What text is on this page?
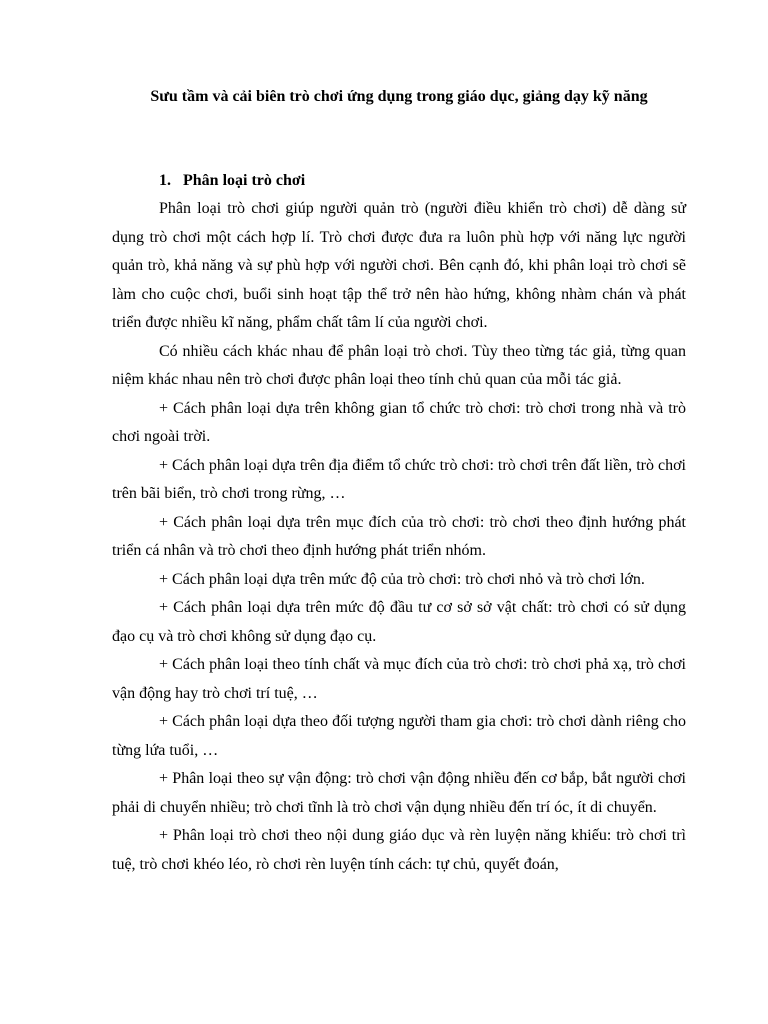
Sưu tầm và cải biên trò chơi ứng dụng trong giáo dục, giảng dạy kỹ năng
1. Phân loại trò chơi

Phân loại trò chơi giúp người quản trò (người điều khiển trò chơi) dễ dàng sử dụng trò chơi một cách hợp lí. Trò chơi được đưa ra luôn phù hợp với năng lực người quản trò, khả năng và sự phù hợp với người chơi. Bên cạnh đó, khi phân loại trò chơi sẽ làm cho cuộc chơi, buổi sinh hoạt tập thể trở nên hào hứng, không nhàm chán và phát triển được nhiều kĩ năng, phẩm chất tâm lí của người chơi.

Có nhiều cách khác nhau để phân loại trò chơi. Tùy theo từng tác giả, từng quan niệm khác nhau nên trò chơi được phân loại theo tính chủ quan của mỗi tác giả.

+ Cách phân loại dựa trên không gian tổ chức trò chơi: trò chơi trong nhà và trò chơi ngoài trời.

+ Cách phân loại dựa trên địa điểm tổ chức trò chơi: trò chơi trên đất liền, trò chơi trên bãi biển, trò chơi trong rừng, …

+ Cách phân loại dựa trên mục đích của trò chơi: trò chơi theo định hướng phát triển cá nhân và trò chơi theo định hướng phát triển nhóm.

+ Cách phân loại dựa trên mức độ của trò chơi: trò chơi nhỏ và trò chơi lớn.

+ Cách phân loại dựa trên mức độ đầu tư cơ sở sở vật chất: trò chơi có sử dụng đạo cụ và trò chơi không sử dụng đạo cụ.

+ Cách phân loại theo tính chất và mục đích của trò chơi: trò chơi phả xạ, trò chơi vận động hay trò chơi trí tuệ, …

+ Cách phân loại dựa theo đối tượng người tham gia chơi: trò chơi dành riêng cho từng lứa tuổi, …

+ Phân loại theo sự vận động: trò chơi vận động nhiều đến cơ bắp, bắt người chơi phải di chuyển nhiều; trò chơi tĩnh là trò chơi vận dụng nhiều đến trí óc, ít di chuyển.

+ Phân loại trò chơi theo nội dung giáo dục và rèn luyện năng khiếu: trò chơi trì tuệ, trò chơi khéo léo, rò chơi rèn luyện tính cách: tự chủ, quyết đoán,
